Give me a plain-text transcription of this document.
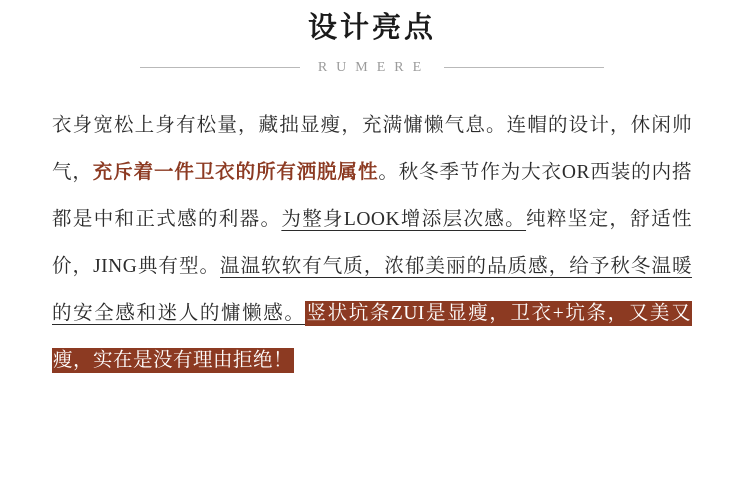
设计亮点
RUMERE
衣身宽松上身有松量，藏拙显瘦，充满慵懒气息。连帽的设计，休闲帅气，充斥着一件卫衣的所有洒脱属性。秋冬季节作为大衣OR西装的内搭都是中和正式感的利器。为整身LOOK增添层次感。纯粹坚定，舒适性价，JING典有型。温温软软有气质，浓郁美丽的品质感，给予秋冬温暖的安全感和迷人的慵懒感。竖状坑条ZUI是显瘦，卫衣+坑条，又美又瘦，实在是没有理由拒绝！
